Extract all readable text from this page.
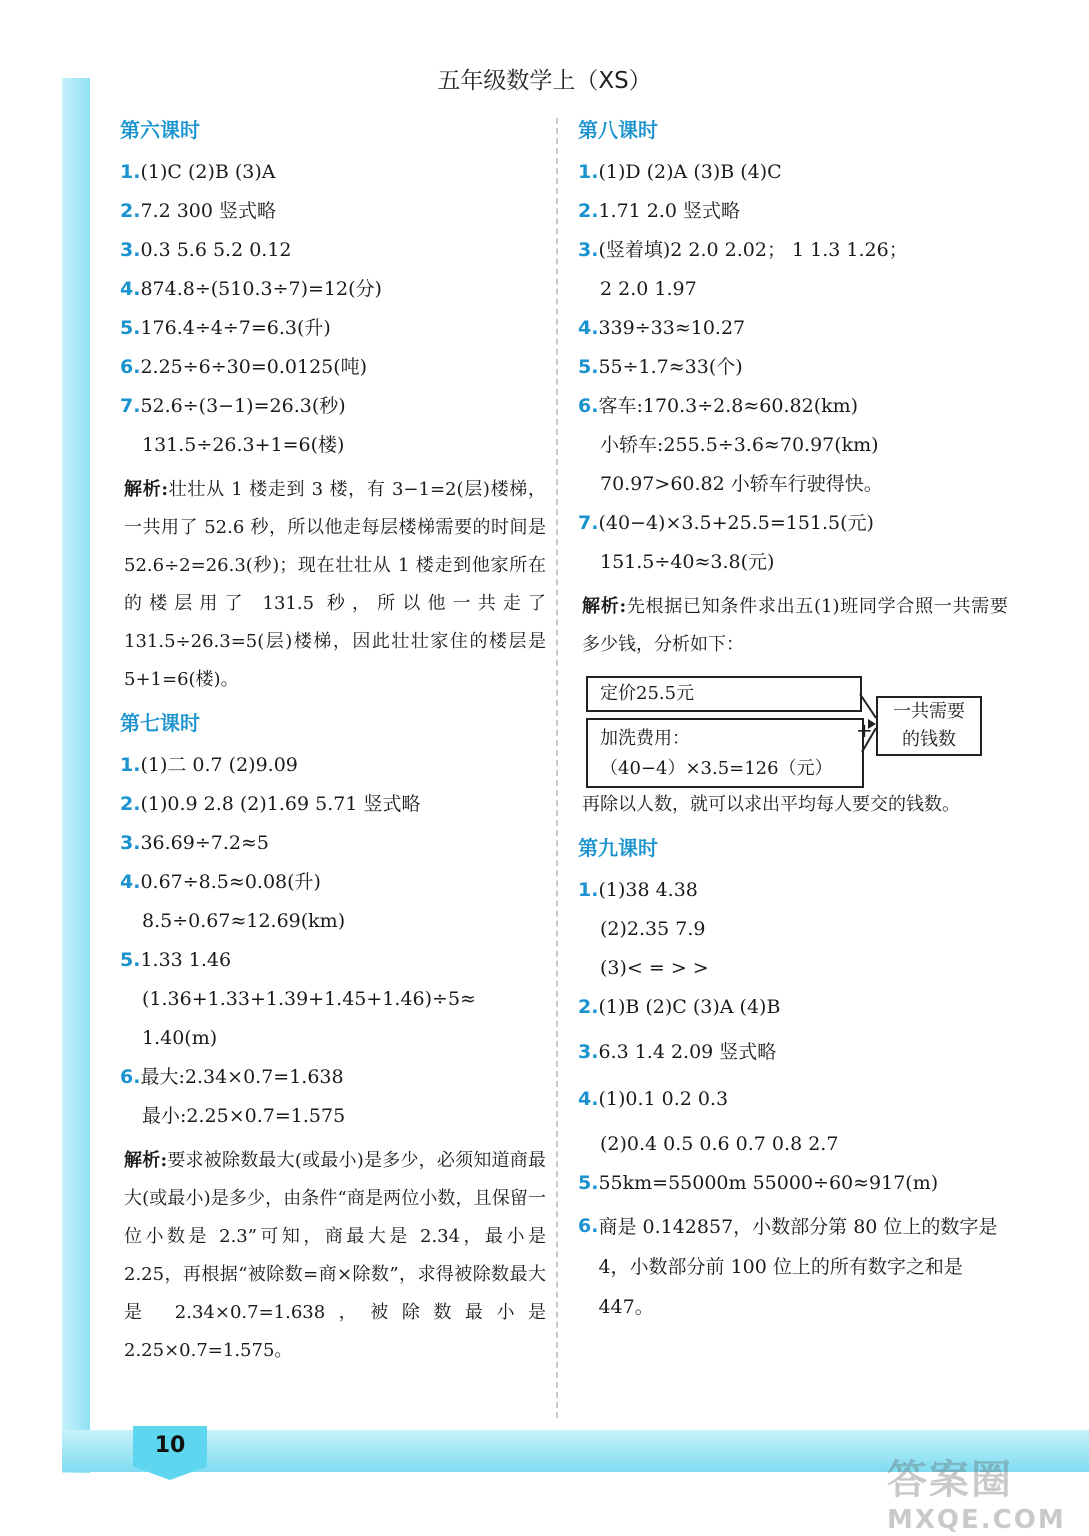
五年级数学上（XS）
第六课时
1.(1)C (2)B (3)A
2.7.2 300 竖式略
3.0.3 5.6 5.2 0.12
4.874.8÷(510.3÷7)=12(分)
5.176.4÷4÷7=6.3(升)
6.2.25÷6÷30=0.0125(吨)
7.52.6÷(3−1)=26.3(秒)
131.5÷26.3+1=6(楼)
解析:壮壮从 1 楼走到 3 楼，有 3−1=2(层)楼梯，一共用了 52.6 秒，所以他走每层楼梯需要的时间是 52.6÷2=26.3(秒)；现在壮壮从 1 楼走到他家所在的楼层用了 131.5 秒，所以他一共走了 131.5÷26.3=5(层)楼梯，因此壮壮家住的楼层是 5+1=6(楼)。
第七课时
1.(1)二 0.7 (2)9.09
2.(1)0.9 2.8 (2)1.69 5.71 竖式略
3.36.69÷7.2≈5
4.0.67÷8.5≈0.08(升)
8.5÷0.67≈12.69(km)
5.1.33 1.46
(1.36+1.33+1.39+1.45+1.46)÷5≈
1.40(m)
6.最大:2.34×0.7=1.638
最小:2.25×0.7=1.575
解析:要求被除数最大(或最小)是多少，必须知道商最大(或最小)是多少，由条件“商是两位小数，且保留一位小数是 2.3”可知，商最大是 2.34，最小是 2.25，再根据“被除数=商×除数”，求得被除数最大是 2.34×0.7=1.638，被除数最小是 2.25×0.7=1.575。
第八课时
1.(1)D (2)A (3)B (4)C
2.1.71 2.0 竖式略
3.(竖着填)2 2.0 2.02； 1 1.3 1.26；
2 2.0 1.97
4.339÷33≈10.27
5.55÷1.7≈33(个)
6.客车:170.3÷2.8≈60.82(km)
小轿车:255.5÷3.6≈70.97(km)
70.97>60.82 小轿车行驶得快。
7.(40−4)×3.5+25.5=151.5(元)
151.5÷40≈3.8(元)
解析:先根据已知条件求出五(1)班同学合照一共需要多少钱，分析如下：
定价25.5元
加洗费用：
（40−4）×3.5=126（元）
+
一共需要
的钱数
再除以人数，就可以求出平均每人要交的钱数。
第九课时
1.(1)38 4.38
(2)2.35 7.9
(3)< = > >
2.(1)B (2)C (3)A (4)B
3.6.3 1.4 2.09 竖式略
4.(1)0.1 0.2 0.3
(2)0.4 0.5 0.6 0.7 0.8 2.7
5.55km=55000m 55000÷60≈917(m)
6. 商是 0.142857，小数部分第 80 位上的数字是 4，小数部分前 100 位上的所有数字之和是 447。
10
答案圈
MXQE.COM
